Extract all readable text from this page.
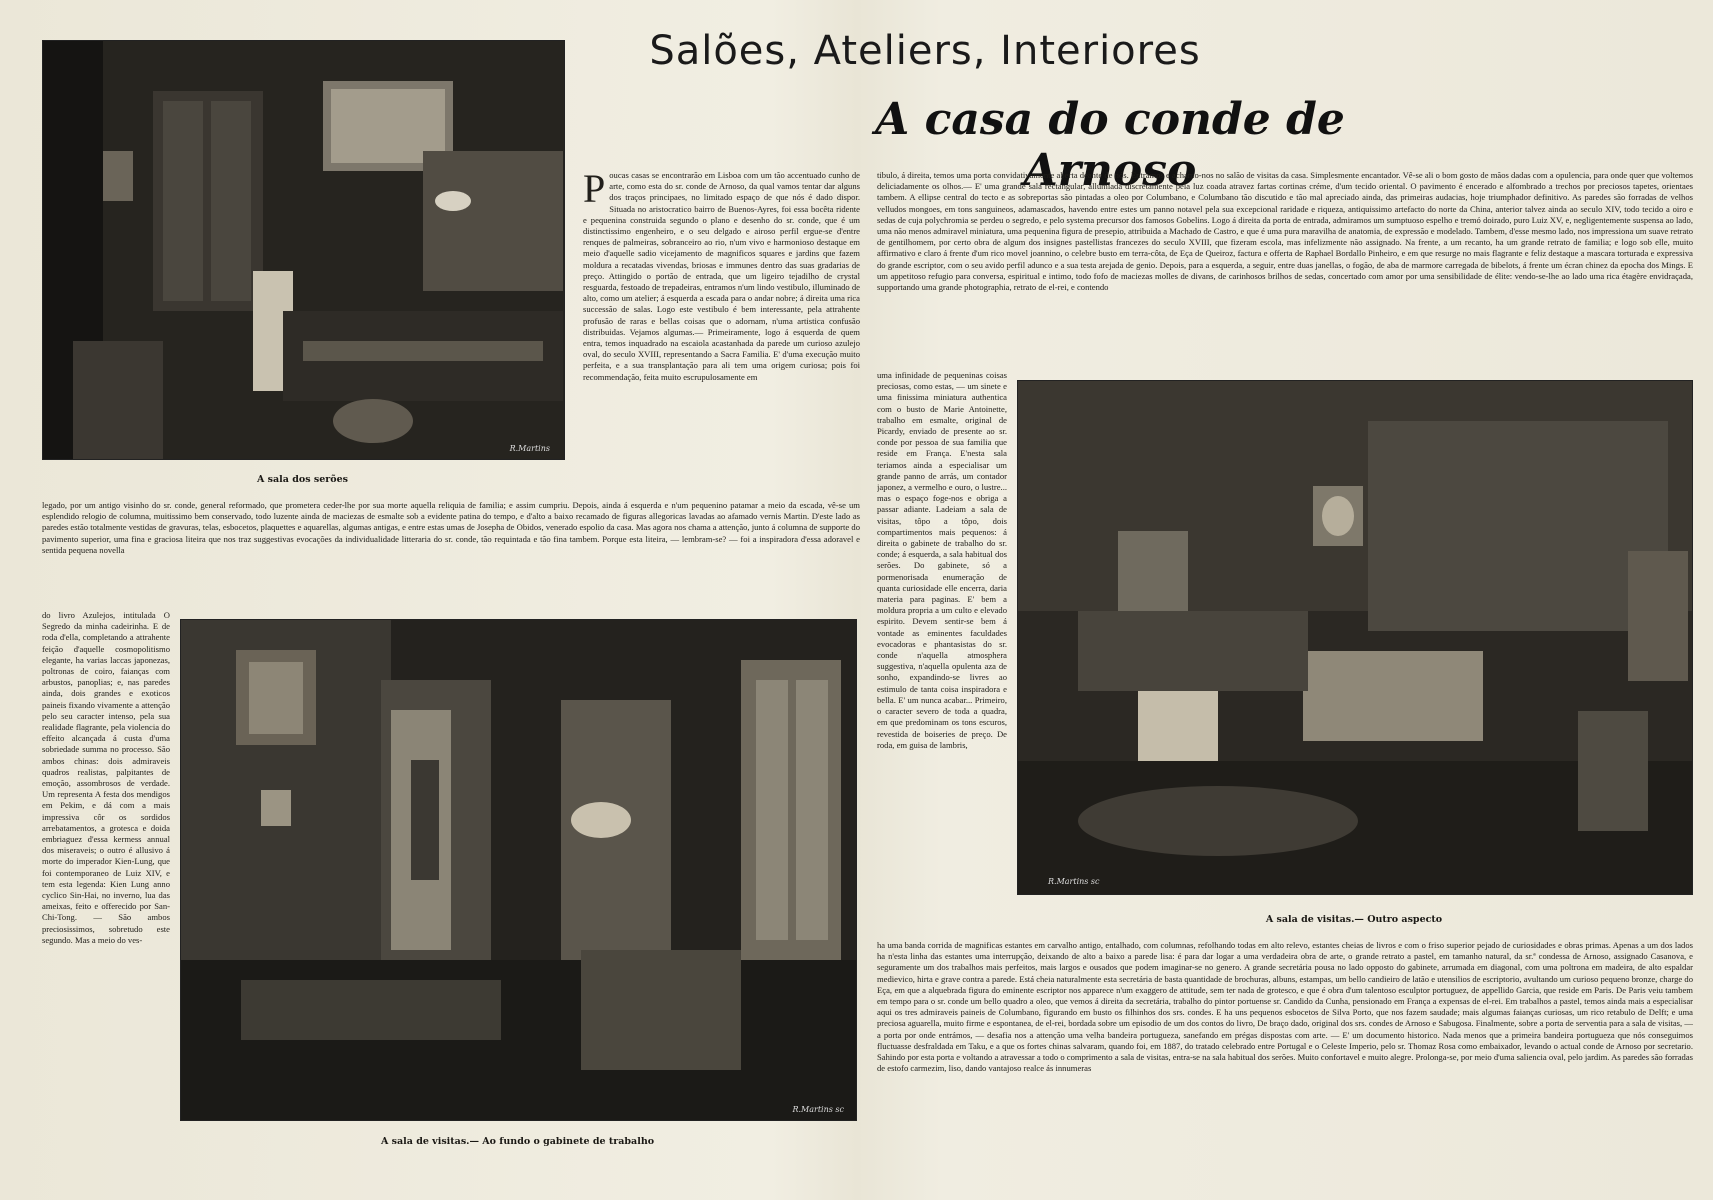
Salões, Ateliers, Interiores
A casa do conde de Arnoso
R.Martins
A sala dos serões
R.Martins sc
A sala de visitas.— Ao fundo o gabinete de trabalho
R.Martins sc
A sala de visitas.— Outro aspecto
Poucas casas se encontrarão em Lisboa com um tão accentuado cunho de arte, como esta do sr. conde de Arnoso, da qual vamos tentar dar alguns dos traços principaes, no limitado espaço de que nós é dado dispor. Situada no aristocratico bairro de Buenos-Ayres, foi essa bocêta ridente e pequenina construida segundo o plano e desenho do sr. conde, que é um distinctissimo engenheiro, e o seu delgado e airoso perfil ergue-se d'entre renques de palmeiras, sobranceiro ao rio, n'um vivo e harmonioso destaque em meio d'aquelle sadio vicejamento de magnificos squares e jardins que fazem moldura a recatadas vivendas, briosas e immunes dentro das suas gradarias de preço. Attingido o portão de entrada, que um ligeiro tejadilho de crystal resguarda, festoado de trepadeiras, entramos n'um lindo vestibulo, illuminado de alto, como um atelier; á esquerda a escada para o andar nobre; á direita uma rica successão de salas. Logo este vestibulo é bem interessante, pela attrahente profusão de raras e bellas coisas que o adornam, n'uma artistica confusão distribuidas. Vejamos algumas.— Primeiramente, logo á esquerda de quem entra, temos inquadrado na escaiola acastanhada da parede um curioso azulejo oval, do seculo XVIII, representando a Sacra Familia. E' d'uma execução muito perfeita, e a sua transplantação para ali tem uma origem curiosa; pois foi recommendação, feita muito escrupulosamente em
legado, por um antigo visinho do sr. conde, general reformado, que prometera ceder-lhe por sua morte aquella reliquia de familia; e assim cumpriu. Depois, ainda á esquerda e n'um pequenino patamar a meio da escada, vê-se um esplendido relogio de columna, muitissimo bem conservado, todo luzente ainda de maciezas de esmalte sob a evidente patina do tempo, e d'alto a baixo recamado de figuras allegoricas lavadas ao afamado vernis Martin. D'este lado as paredes estão totalmente vestidas de gravuras, telas, esbocetos, plaquettes e aquarellas, algumas antigas, e entre estas umas de Josepha de Obidos, venerado espolio da casa. Mas agora nos chama a attenção, junto á columna de supporte do pavimento superior, uma fina e graciosa liteira que nos traz suggestivas evocações da individualidade litteraria do sr. conde, tão requintada e tão fina tambem. Porque esta liteira, — lembram-se? — foi a inspiradora d'essa adoravel e sentida pequena novella
do livro Azulejos, intitulada O Segredo da minha cadeirinha. E de roda d'ella, completando a attrahente feição d'aquelle cosmopolitismo elegante, ha varias laccas japonezas, poltronas de coiro, faianças com arbustos, panoplias; e, nas paredes ainda, dois grandes e exoticos paineis fixando vivamente a attenção pelo seu caracter intenso, pela sua realidade flagrante, pela violencia do effeito alcançada á custa d'uma sobriedade summa no processo. São ambos chinas: dois admiraveis quadros realistas, palpitantes de emoção, assombrosos de verdade. Um representa A festa dos mendigos em Pekim, e dá com a mais impressiva côr os sordidos arrebatamentos, a grotesca e doida embriaguez d'essa kermess annual dos miseraveis; o outro é allusivo á morte do imperador Kien-Lung, que foi contemporaneo de Luiz XIV, e tem esta legenda: Kien Lung anno cyclico Sin-Hai, no inverno, lua das ameixas, feito e offerecido por San-Chi-Tong. — São ambos preciosissimos, sobretudo este segundo. Mas a meio do ves-
tibulo, á direita, temos uma porta convidativamente aberta deante de nós. Entramos e achamo-nos no salão de visitas da casa. Simplesmente encantador. Vê-se ali o bom gosto de mãos dadas com a opulencia, para onde quer que voltemos deliciadamente os olhos.— E' uma grande sala rectangular, allumiada discretamente pela luz coada atravez fartas cortinas créme, d'um tecido oriental. O pavimento é encerado e alfombrado a trechos por preciosos tapetes, orientaes tambem. A ellipse central do tecto e as sobreportas são pintadas a oleo por Columbano, e Columbano tão discutido e tão mal apreciado ainda, das primeiras audacias, hoje triumphador definitivo. As paredes são forradas de velhos velludos mongoes, em tons sanguineos, adamascados, havendo entre estes um panno notavel pela sua excepcional raridade e riqueza, antiquissimo artefacto do norte da China, anterior talvez ainda ao seculo XIV, todo tecido a oiro e sedas de cuja polychromia se perdeu o segredo, e pelo systema precursor dos famosos Gobelins. Logo á direita da porta de entrada, admiramos um sumptuoso espelho e tremó doirado, puro Luiz XV, e, negligentemente suspensa ao lado, uma não menos admiravel miniatura, uma pequenina figura de presepio, attribuida a Machado de Castro, e que é uma pura maravilha de anatomia, de expressão e modelado. Tambem, d'esse mesmo lado, nos impressiona um suave retrato de gentilhomem, por certo obra de algum dos insignes pastellistas francezes do seculo XVIII, que fizeram escola, mas infelizmente não assignado. Na frente, a um recanto, ha um grande retrato de familia; e logo sob elle, muito affirmativo e claro á frente d'um rico movel joannino, o celebre busto em terra-côta, de Eça de Queiroz, factura e offerta de Raphael Bordallo Pinheiro, e em que resurge no mais flagrante e feliz destaque a mascara torturada e expressiva do grande escriptor, com o seu avido perfil adunco e a sua testa arejada de genio. Depois, para a esquerda, a seguir, entre duas janellas, o fogão, de aba de marmore carregada de bibelots, á frente um écran chinez da epocha dos Mings. E um appetitoso refugio para conversa, espiritual e intimo, todo fofo de maciezas molles de divans, de carinhosos brilhos de sedas, concertado com amor por uma sensibilidade de élite: vendo-se-lhe ao lado uma rica étagère envidraçada, supportando uma grande photographia, retrato de el-rei, e contendo
uma infinidade de pequeninas coisas preciosas, como estas, — um sinete e uma finissima miniatura authentica com o busto de Marie Antoinette, trabalho em esmalte, original de Picardy, enviado de presente ao sr. conde por pessoa de sua familia que reside em França. E'nesta sala teriamos ainda a especialisar um grande panno de arrás, um contador japonez, a vermelho e ouro, o lustre... mas o espaço foge-nos e obriga a passar adiante. Ladeiam a sala de visitas, tôpo a tôpo, dois compartimentos mais pequenos: á direita o gabinete de trabalho do sr. conde; á esquerda, a sala habitual dos serões. Do gabinete, só a pormenorisada enumeração de quanta curiosidade elle encerra, daria materia para paginas. E' bem a moldura propria a um culto e elevado espirito. Devem sentir-se bem á vontade as eminentes faculdades evocadoras e phantasistas do sr. conde n'aquella atmosphera suggestiva, n'aquella opulenta aza de sonho, expandindo-se livres ao estimulo de tanta coisa inspiradora e bella. E' um nunca acabar... Primeiro, o caracter severo de toda a quadra, em que predominam os tons escuros, revestida de boiseries de preço. De roda, em guisa de lambris,
ha uma banda corrida de magnificas estantes em carvalho antigo, entalhado, com columnas, refolhando todas em alto relevo, estantes cheias de livros e com o friso superior pejado de curiosidades e obras primas. Apenas a um dos lados ha n'esta linha das estantes uma interrupção, deixando de alto a baixo a parede lisa: é para dar logar a uma verdadeira obra de arte, o grande retrato a pastel, em tamanho natural, da sr.ª condessa de Arnoso, assignado Casanova, e seguramente um dos trabalhos mais perfeitos, mais largos e ousados que podem imaginar-se no genero. A grande secretária pousa no lado opposto do gabinete, arrumada em diagonal, com uma poltrona em madeira, de alto espaldar medievico, hirta e grave contra a parede. Está cheia naturalmente esta secretária de basta quantidade de brochuras, albuns, estampas, um bello candieiro de latão e utensilios de escriptorio, avultando um curioso pequeno bronze, charge do Eça, em que a alquebrada figura do eminente escriptor nos apparece n'um exaggero de attitude, sem ter nada de grotesco, e que é obra d'um talentoso esculptor portuguez, de appellido Garcia, que reside em Paris. De Paris veiu tambem em tempo para o sr. conde um bello quadro a oleo, que vemos á direita da secretária, trabalho do pintor portuense sr. Candido da Cunha, pensionado em França a expensas de el-rei. Em trabalhos a pastel, temos ainda mais a especialisar aqui os tres admiraveis paineis de Columbano, figurando em busto os filhinhos dos srs. condes. E ha uns pequenos esbocetos de Silva Porto, que nos fazem saudade; mais algumas faianças curiosas, um rico retabulo de Delft; e uma preciosa aguarella, muito firme e espontanea, de el-rei, bordada sobre um episodio de um dos contos do livro, De braço dado, original dos srs. condes de Arnoso e Sabugosa. Finalmente, sobre a porta de serventia para a sala de visitas, — a porta por onde entrámos, — desafia nos a attenção uma velha bandeira portugueza, sanefando em prégas dispostas com arte. — E' um documento historico. Nada menos que a primeira bandeira portugueza que nós conseguimos fluctuasse desfraldada em Taku, e a que os fortes chinas salvaram, quando foi, em 1887, do tratado celebrado entre Portugal e o Celeste Imperio, pelo sr. Thomaz Rosa como embaixador, levando o actual conde de Arnoso por secretario. Sahindo por esta porta e voltando a atravessar a todo o comprimento a sala de visitas, entra-se na sala habitual dos serões. Muito confortavel e muito alegre. Prolonga-se, por meio d'uma saliencia oval, pelo jardim. As paredes são forradas de estofo carmezim, liso, dando vantajoso realce ás innumeras
